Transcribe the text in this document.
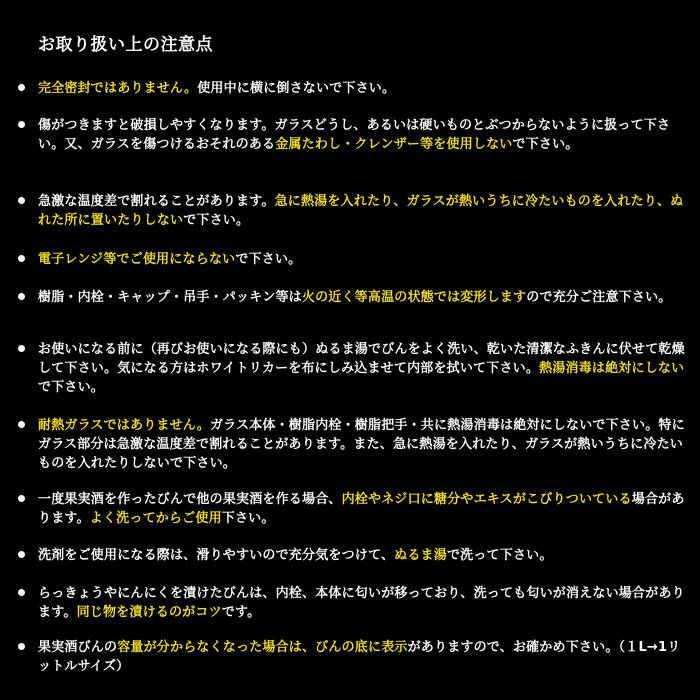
お取り扱い上の注意点
完全密封ではありません。使用中に横に倒さないで下さい。
傷がつきますと破損しやすくなります。ガラスどうし、あるいは硬いものとぶつからないように扱って下さい。又、ガラスを傷つけるおそれのある金属たわし・クレンザー等を使用しないで下さい。
急激な温度差で割れることがあります。急に熱湯を入れたり、ガラスが熱いうちに冷たいものを入れたり、ぬれた所に置いたりしないで下さい。
電子レンジ等でご使用にならないで下さい。
樹脂・内栓・キャップ・吊手・パッキン等は火の近く等高温の状態では変形しますので充分ご注意下さい。
お使いになる前に（再びお使いになる際にも）ぬるま湯でびんをよく洗い、乾いた清潔なふきんに伏せて乾燥して下さい。気になる方はホワイトリカーを布にしみ込ませて内部を拭いて下さい。熱湯消毒は絶対にしないで下さい。
耐熱ガラスではありません。ガラス本体・樹脂内栓・樹脂把手・共に熱湯消毒は絶対にしないで下さい。特にガラス部分は急激な温度差で割れることがあります。また、急に熱湯を入れたり、ガラスが熱いうちに冷たいものを入れたりしないで下さい。
一度果実酒を作ったびんで他の果実酒を作る場合、内栓やネジ口に糖分やエキスがこびりついている場合があります。よく洗ってからご使用下さい。
洗剤をご使用になる際は、滑りやすいので充分気をつけて、ぬるま湯で洗って下さい。
らっきょうやにんにくを漬けたびんは、内栓、本体に匂いが移っており、洗っても匂いが消えない場合があります。同じ物を漬けるのがコツです。
果実酒びんの容量が分からなくなった場合は、びんの底に表示がありますので、お確かめ下さい。（１L→1リットルサイズ）
